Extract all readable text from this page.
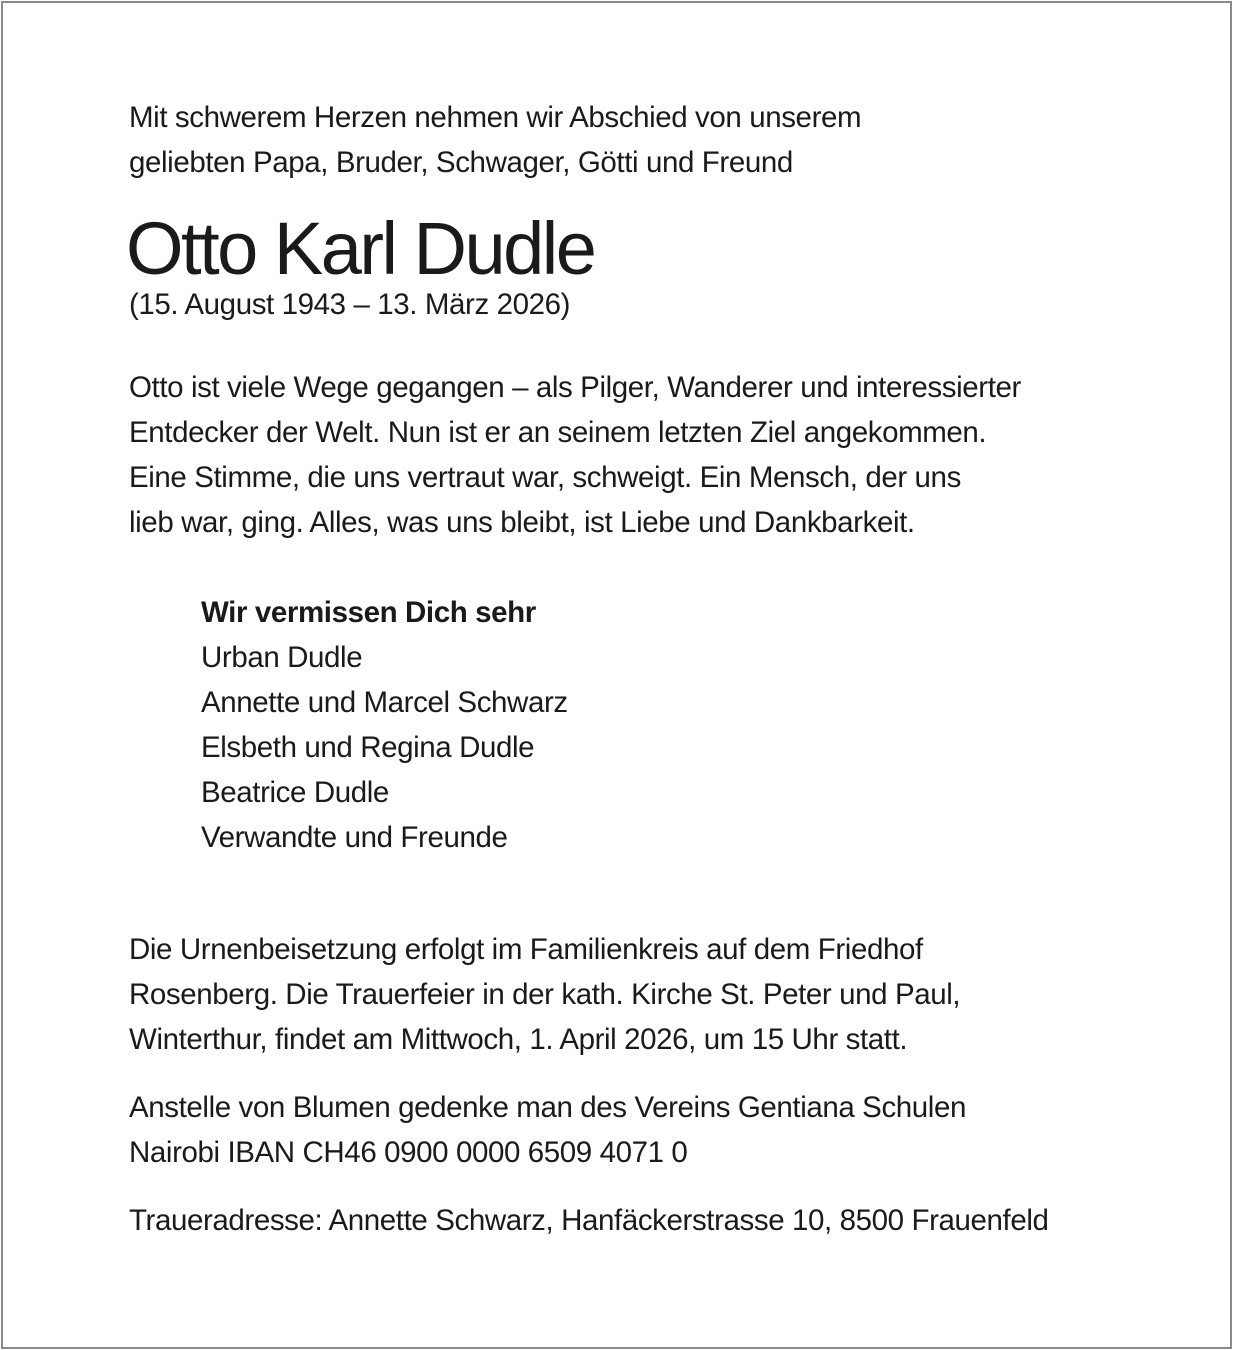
Mit schwerem Herzen nehmen wir Abschied von unserem
geliebten Papa, Bruder, Schwager, Götti und Freund

Otto Karl Dudle

(15. August 1943 – 13. März 2026)

Otto ist viele Wege gegangen – als Pilger, Wanderer und interessierter
Entdecker der Welt. Nun ist er an seinem letzten Ziel angekommen.
Eine Stimme, die uns vertraut war, schweigt. Ein Mensch, der uns
lieb war, ging. Alles, was uns bleibt, ist Liebe und Dankbarkeit.

Wir vermissen Dich sehr
Urban Dudle
Annette und Marcel Schwarz
Elsbeth und Regina Dudle
Beatrice Dudle
Verwandte und Freunde

Die Urnenbeisetzung erfolgt im Familienkreis auf dem Friedhof
Rosenberg. Die Trauerfeier in der kath. Kirche St. Peter und Paul,
Winterthur, findet am Mittwoch, 1. April 2026, um 15 Uhr statt.

Anstelle von Blumen gedenke man des Vereins Gentiana Schulen
Nairobi IBAN CH46 0900 0000 6509 4071 0

Traueradresse: Annette Schwarz, Hanfäckerstrasse 10, 8500 Frauenfeld
